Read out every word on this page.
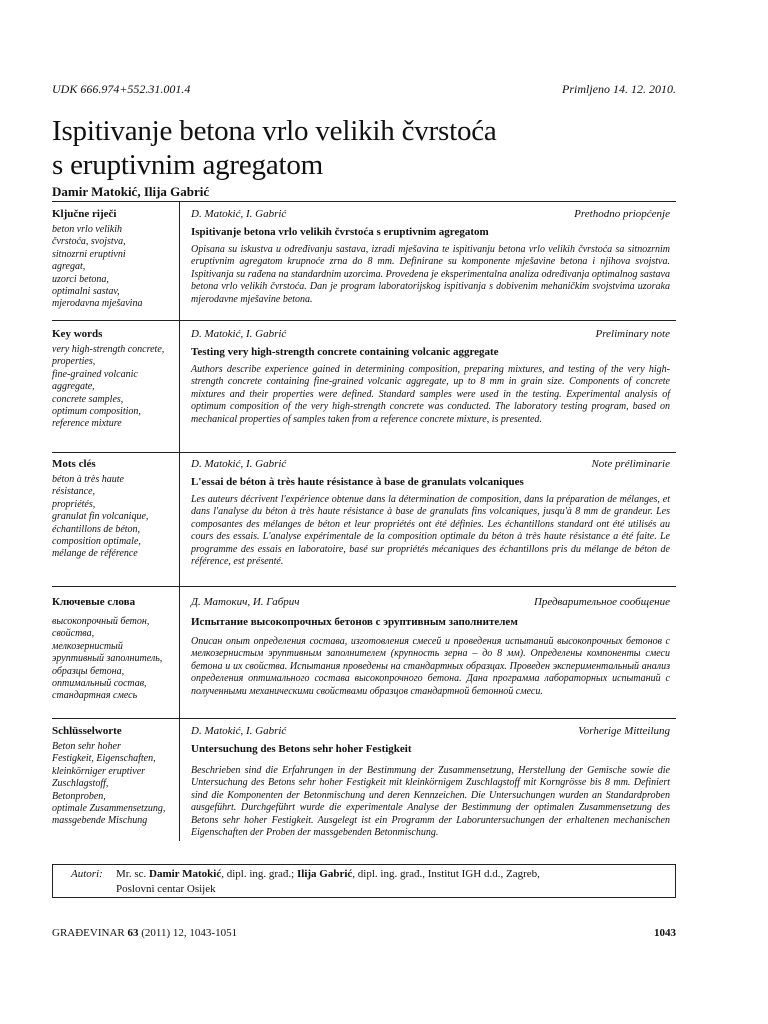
UDK 666.974+552.31.001.4	Primljeno 14. 12. 2010.
Ispitivanje betona vrlo velikih čvrstoća
s eruptivnim agregatom
Damir Matokić, Ilija Gabrić
Ključne riječi
beton vrlo velikih
čvrstoća, svojstva,
sitnozrni eruptivni
agregat,
uzorci betona,
optimalni sastav,
mjerodavna mješavina
D. Matokić, I. Gabrić	Prethodno priopćenje
Ispitivanje betona vrlo velikih čvrstoća s eruptivnim agregatom
Opisana su iskustva u određivanju sastava, izradi mješavina te ispitivanju betona vrlo velikih čvrstoća sa sitnozrnim eruptivnim agregatom krupnoće zrna do 8 mm. Definirane su komponente mješavine betona i njihova svojstva. Ispitivanja su rađena na standardnim uzorcima. Provedena je eksperimentalna analiza određivanja optimalnog sastava betona vrlo velikih čvrstoća. Dan je program laboratorijskog ispitivanja s dobivenim mehaničkim svojstvima uzoraka mjerodavne mješavine betona.
Key words
very high-strength concrete,
properties,
fine-grained volcanic
aggregate,
concrete samples,
optimum composition,
reference mixture
D. Matokić, I. Gabrić	Preliminary note
Testing very high-strength concrete containing volcanic aggregate
Authors describe experience gained in determining composition, preparing mixtures, and testing of the very high-strength concrete containing fine-grained volcanic aggregate, up to 8 mm in grain size. Components of concrete mixtures and their properties were defined. Standard samples were used in the testing. Experimental analysis of optimum composition of the very high-strength concrete was conducted. The laboratory testing program, based on mechanical properties of samples taken from a reference concrete mixture, is presented.
Mots clés
béton à très haute
résistance,
propriétés,
granulat fin volcanique,
échantillons de béton,
composition optimale,
mélange de référence
D. Matokić, I. Gabrić	Note préliminarie
L'essai de béton à très haute résistance à base de granulats volcaniques
Les auteurs décrivent l'expérience obtenue dans la détermination de composition, dans la préparation de mélanges, et dans l'analyse du béton à très haute résistance à base de granulats fins volcaniques, jusqu'à 8 mm de grandeur. Les composantes des mélanges de béton et leur propriétés ont été définies. Les échantillons standard ont été utilisés au cours des essais. L'analyse expérimentale de la composition optimale du béton à très haute résistance a été faite. Le programme des essais en laboratoire, basé sur propriétés mécaniques des échantillons pris du mélange de béton de référence, est présenté.
Ключевые слова
высокопрочный бетон,
свойства,
мелкозернистый
эруптивный заполнитель,
образцы бетона,
оптимальный состав,
стандартная смесь
Д. Матокич, И. Габрич	Предварительное сообщение
Испытание высокопрочных бетонов с эруптивным заполнителем
Описан опыт определения состава, изготовления смесей и проведения испытаний высокопрочных бетонов с мелкозернистым эруптивным заполнителем (крупность зерна – до 8 мм). Определены компоненты смеси бетона и их свойства. Испытания проведены на стандартных образцах. Проведен экспериментальный анализ определения оптимального состава высокопрочного бетона. Дана программа лабораторных испытаний с полученными механическими свойствами образцов стандартной бетонной смеси.
Schlüsselworte
Beton sehr hoher
Festigkeit, Eigenschaften,
kleinkörniger eruptiver
Zuschlagstoff,
Betonproben,
optimale Zusammensetzung,
massgebende Mischung
D. Matokić, I. Gabrić	Vorherige Mitteilung
Untersuchung des Betons sehr hoher Festigkeit
Beschrieben sind die Erfahrungen in der Bestimmung der Zusammensetzung, Herstellung der Gemische sowie die Untersuchung des Betons sehr hoher Festigkeit mit kleinkörnigem Zuschlagstoff mit Korngrösse bis 8 mm. Definiert sind die Komponenten der Betonmischung und deren Kennzeichen. Die Untersuchungen wurden an Standardproben ausgeführt. Durchgeführt wurde die experimentale Analyse der Bestimmung der optimalen Zusammensetzung des Betons sehr hoher Festigkeit. Ausgelegt ist ein Programm der Laboruntersuchungen der erhaltenen mechanischen Eigenschaften der Proben der massgebenden Betonmischung.
Autori: Mr. sc. Damir Matokić, dipl. ing. građ.; Ilija Gabrić, dipl. ing. građ., Institut IGH d.d., Zagreb,
Poslovni centar Osijek
GRAĐEVINAR 63 (2011) 12, 1043-1051	1043
